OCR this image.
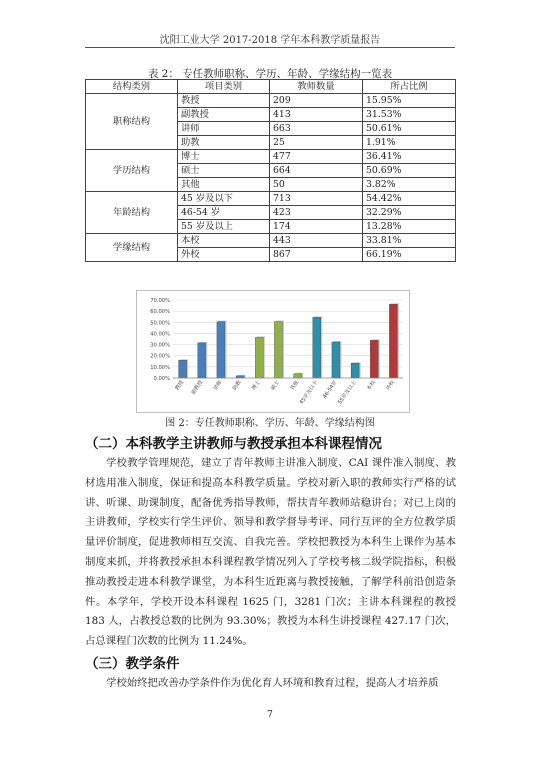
沈阳工业大学 2017-2018 学年本科教学质量报告
表 2： 专任教师职称、学历、年龄、学缘结构一览表
结构类别	项目类别	教师数量	所占比例
职称结构	教授	209	15.95%
	副教授	413	31.53%
	讲师	663	50.61%
	助教	25	1.91%
学历结构	博士	477	36.41%
	硕士	664	50.69%
	其他	50	3.82%
年龄结构	45 岁及以下	713	54.42%
	46-54 岁	423	32.29%
	55 岁及以上	174	13.28%
学缘结构	本校	443	33.81%
	外校	867	66.19%
70.00%
60.00%
50.00%
40.00%
30.00%
20.00%
10.00%
0.00%
教授	副教授	讲师	助教	博士	硕士	其他
45岁及以下 46-54岁
55岁及以上	本校	外校
图 2：专任教师职称、学历、年龄、学缘结构图
（二）本科教学主讲教师与教授承担本科课程情况
学校教学管理规范，建立了青年教师主讲准入制度、CAI 课件准入制度、教材选用准入制度，保证和提高本科教学质量。学校对新入职的教师实行严格的试讲、听课、助课制度，配备优秀指导教师，帮扶青年教师站稳讲台；对已上岗的主讲教师，学校实行学生评价、领导和教学督导考评、同行互评的全方位教学质量评价制度，促进教师相互交流、自我完善。学校把教授为本科生上课作为基本制度来抓，并将教授承担本科课程教学情况列入了学校考核二级学院指标，积极推动教授走进本科教学课堂，为本科生近距离与教授接触，了解学科前沿创造条件。本学年，学校开设本科课程 1625 门，3281 门次；主讲本科课程的教授 183 人，占教授总数的比例为 93.30%；教授为本科生讲授课程 427.17 门次，占总课程门次数的比例为 11.24%。
（三）教学条件
学校始终把改善办学条件作为优化育人环境和教育过程，提高人才培养质
7
